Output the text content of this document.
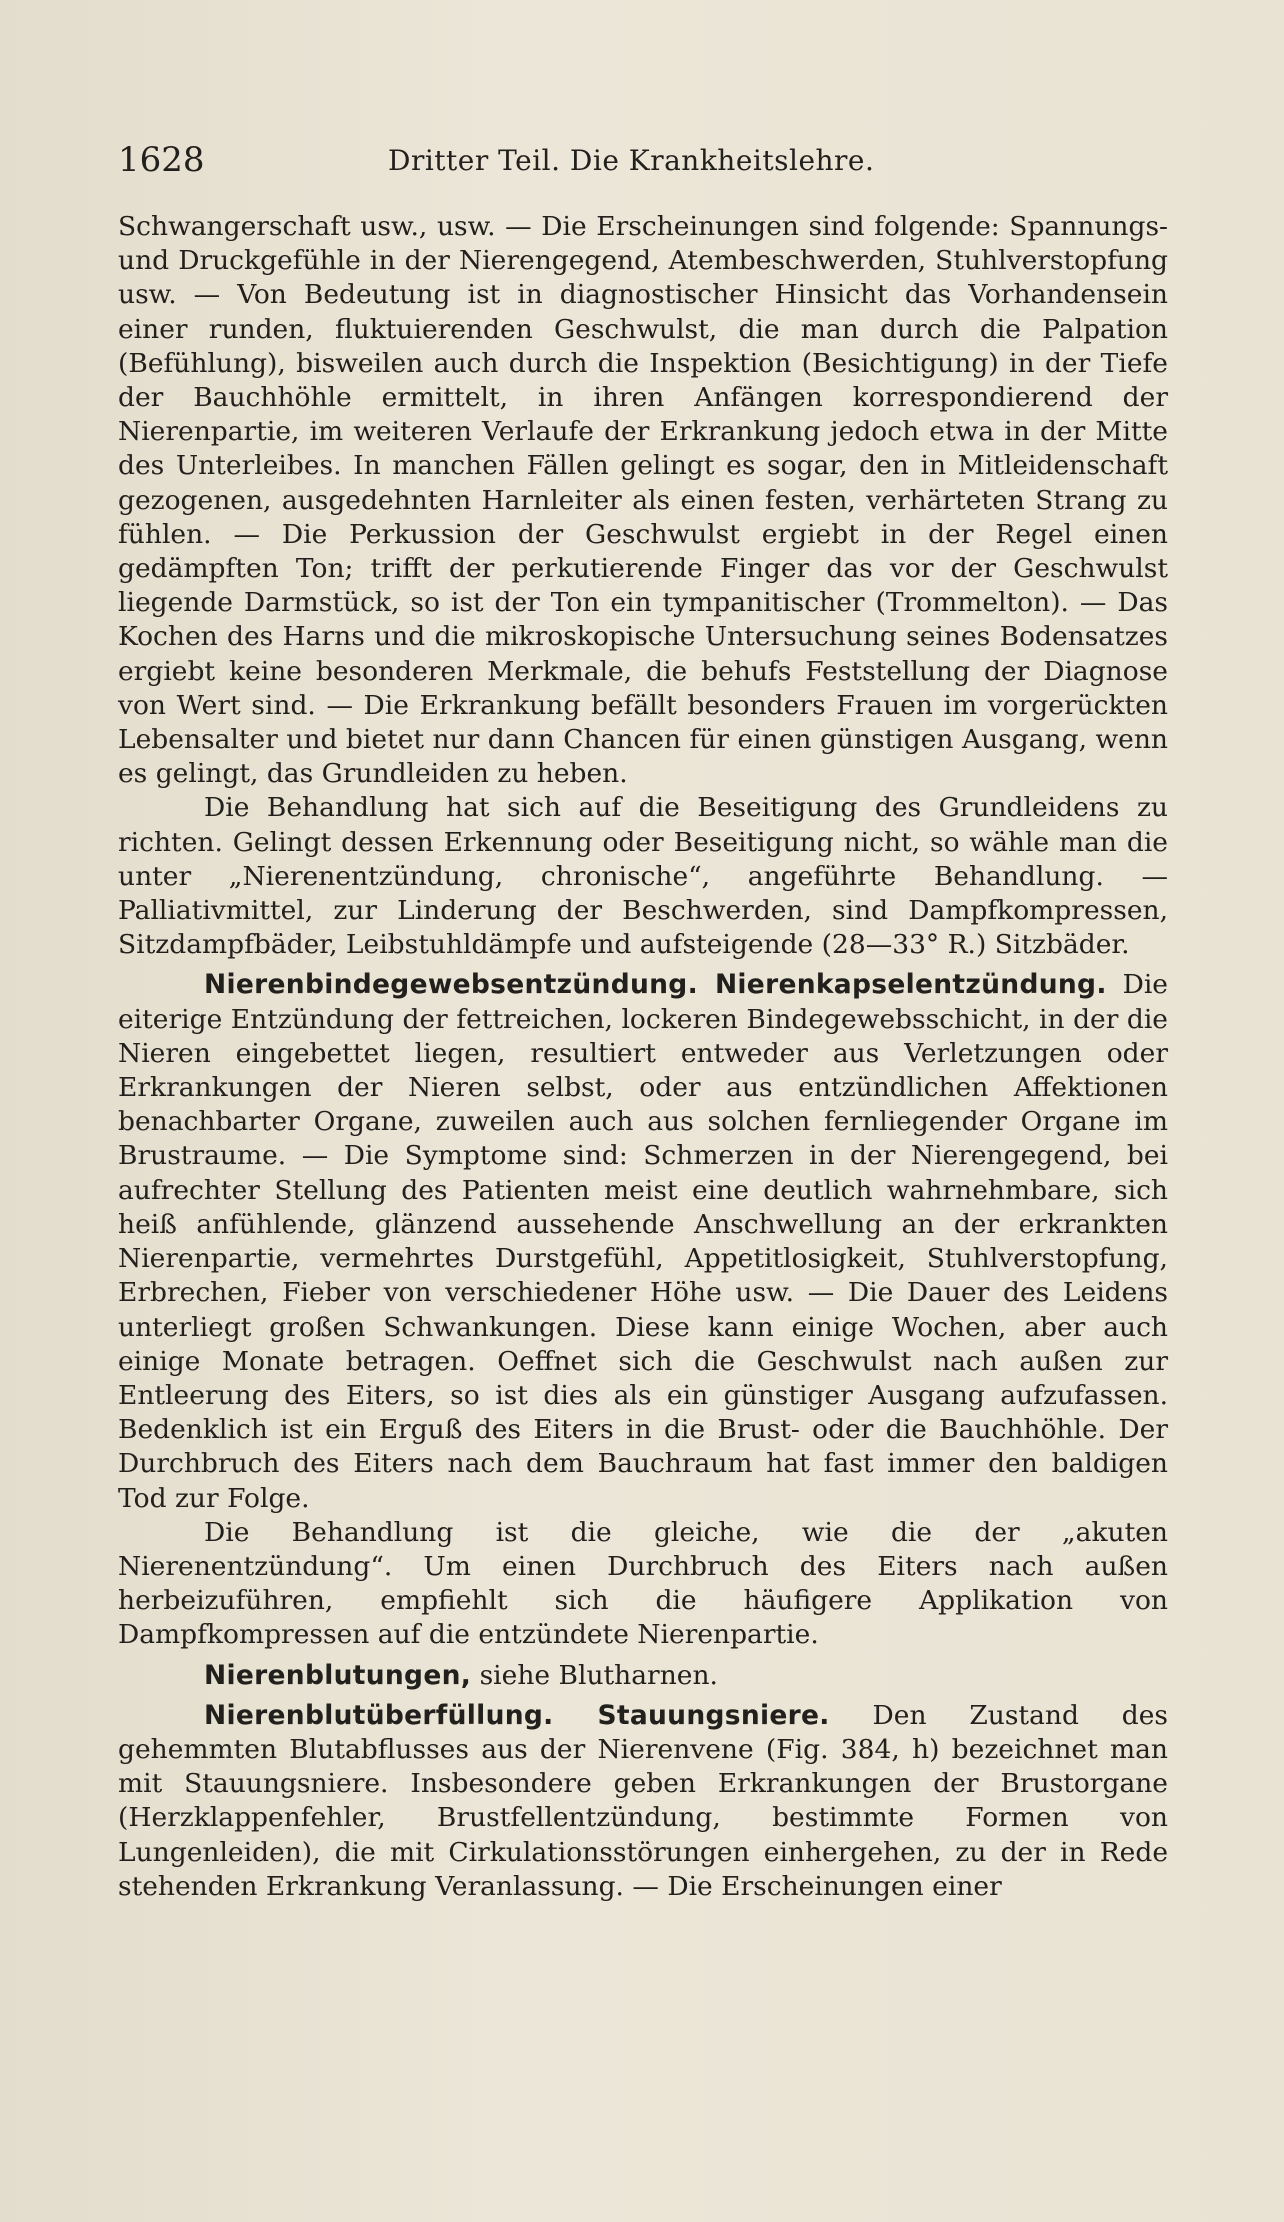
1628	Dritter Teil. Die Krankheitslehre.

Schwangerschaft usw., usw. — Die Erscheinungen sind folgende: Spannungs- und Druckgefühle in der Nierengegend, Atembeschwerden, Stuhlverstopfung usw. — Von Bedeutung ist in diagnostischer Hinsicht das Vorhandensein einer runden, fluktuierenden Geschwulst, die man durch die Palpation (Befühlung), bisweilen auch durch die Inspektion (Besichtigung) in der Tiefe der Bauchhöhle ermittelt, in ihren Anfängen korrespondierend der Nierenpartie, im weiteren Verlaufe der Erkrankung jedoch etwa in der Mitte des Unterleibes. In manchen Fällen gelingt es sogar, den in Mitleidenschaft gezogenen, ausgedehnten Harnleiter als einen festen, verhärteten Strang zu fühlen. — Die Perkussion der Geschwulst ergiebt in der Regel einen gedämpften Ton; trifft der perkutierende Finger das vor der Geschwulst liegende Darmstück, so ist der Ton ein tympanitischer (Trommelton). — Das Kochen des Harns und die mikroskopische Untersuchung seines Bodensatzes ergiebt keine besonderen Merkmale, die behufs Feststellung der Diagnose von Wert sind. — Die Erkrankung befällt besonders Frauen im vorgerückten Lebensalter und bietet nur dann Chancen für einen günstigen Ausgang, wenn es gelingt, das Grundleiden zu heben.

Die Behandlung hat sich auf die Beseitigung des Grundleidens zu richten. Gelingt dessen Erkennung oder Beseitigung nicht, so wähle man die unter „Nierenentzündung, chronische“, angeführte Behandlung. — Palliativmittel, zur Linderung der Beschwerden, sind Dampfkompressen, Sitzdampfbäder, Leibstuhldämpfe und aufsteigende (28—33° R.) Sitzbäder.

Nierenbindegewebsentzündung. Nierenkapselentzündung. Die eiterige Entzündung der fettreichen, lockeren Bindegewebsschicht, in der die Nieren eingebettet liegen, resultiert entweder aus Verletzungen oder Erkrankungen der Nieren selbst, oder aus entzündlichen Affektionen benachbarter Organe, zuweilen auch aus solchen fernliegender Organe im Brustraume. — Die Symptome sind: Schmerzen in der Nierengegend, bei aufrechter Stellung des Patienten meist eine deutlich wahrnehmbare, sich heiß anfühlende, glänzend aussehende Anschwellung an der erkrankten Nierenpartie, vermehrtes Durstgefühl, Appetitlosigkeit, Stuhlverstopfung, Erbrechen, Fieber von verschiedener Höhe usw. — Die Dauer des Leidens unterliegt großen Schwankungen. Diese kann einige Wochen, aber auch einige Monate betragen. Oeffnet sich die Geschwulst nach außen zur Entleerung des Eiters, so ist dies als ein günstiger Ausgang aufzufassen. Bedenklich ist ein Erguß des Eiters in die Brust- oder die Bauchhöhle. Der Durchbruch des Eiters nach dem Bauchraum hat fast immer den baldigen Tod zur Folge.

Die Behandlung ist die gleiche, wie die der „akuten Nierenentzündung“. Um einen Durchbruch des Eiters nach außen herbeizuführen, empfiehlt sich die häufigere Applikation von Dampfkompressen auf die entzündete Nierenpartie.

Nierenblutungen, siehe Blutharnen.

Nierenblutüberfüllung. Stauungsniere. Den Zustand des gehemmten Blutabflusses aus der Nierenvene (Fig. 384, h) bezeichnet man mit Stauungsniere. Insbesondere geben Erkrankungen der Brustorgane (Herzklappenfehler, Brustfellentzündung, bestimmte Formen von Lungenleiden), die mit Cirkulationsstörungen einhergehen, zu der in Rede stehenden Erkrankung Veranlassung. — Die Erscheinungen einer
